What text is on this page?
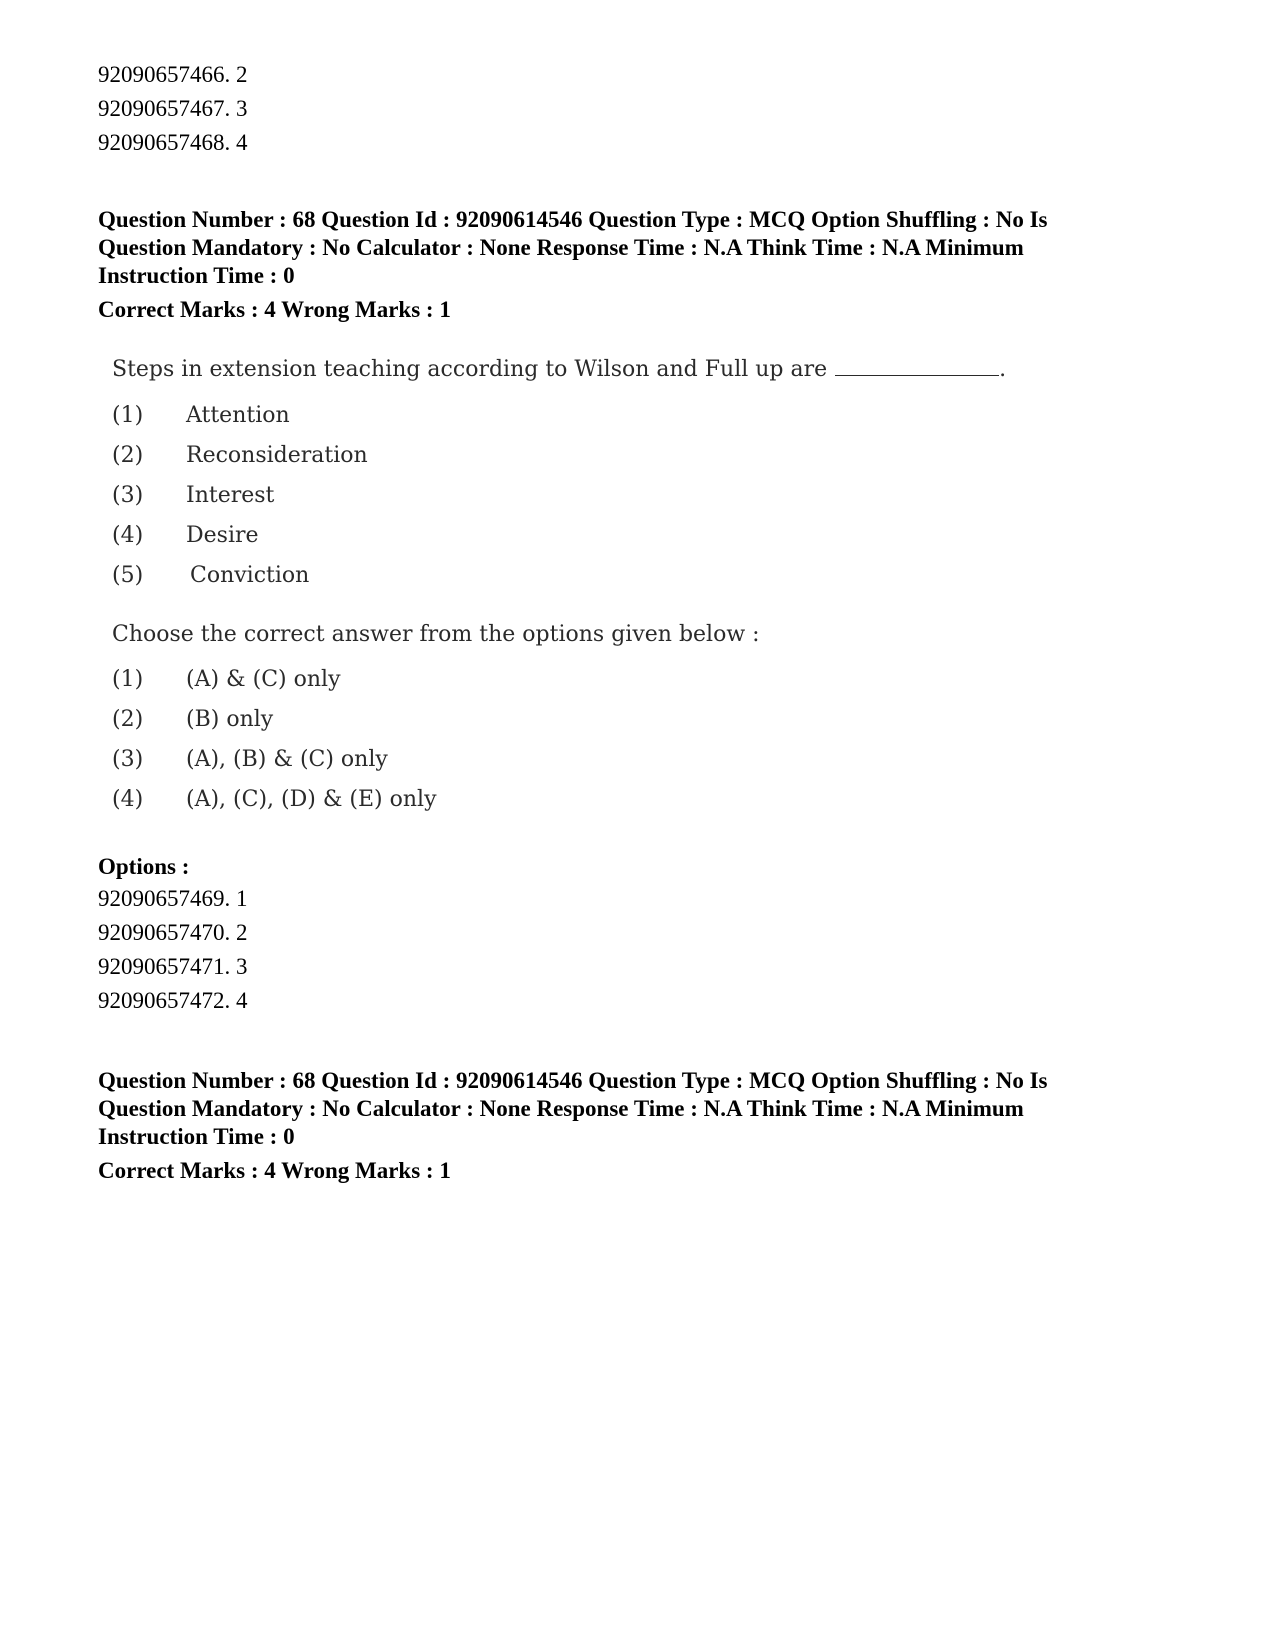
92090657466. 2
92090657467. 3
92090657468. 4
Question Number : 68 Question Id : 92090614546 Question Type : MCQ Option Shuffling : No Is
Question Mandatory : No Calculator : None Response Time : N.A Think Time : N.A Minimum
Instruction Time : 0
Correct Marks : 4 Wrong Marks : 1
Steps in extension teaching according to Wilson and Full up are	.
(1) Attention
(2) Reconsideration
(3) Interest
(4) Desire
(5) Conviction
Choose the correct answer from the options given below :
(1) (A) & (C) only
(2) (B) only
(3) (A), (B) & (C) only
(4) (A), (C), (D) & (E) only
Options :
92090657469. 1
92090657470. 2
92090657471. 3
92090657472. 4
Question Number : 68 Question Id : 92090614546 Question Type : MCQ Option Shuffling : No Is
Question Mandatory : No Calculator : None Response Time : N.A Think Time : N.A Minimum
Instruction Time : 0
Correct Marks : 4 Wrong Marks : 1
